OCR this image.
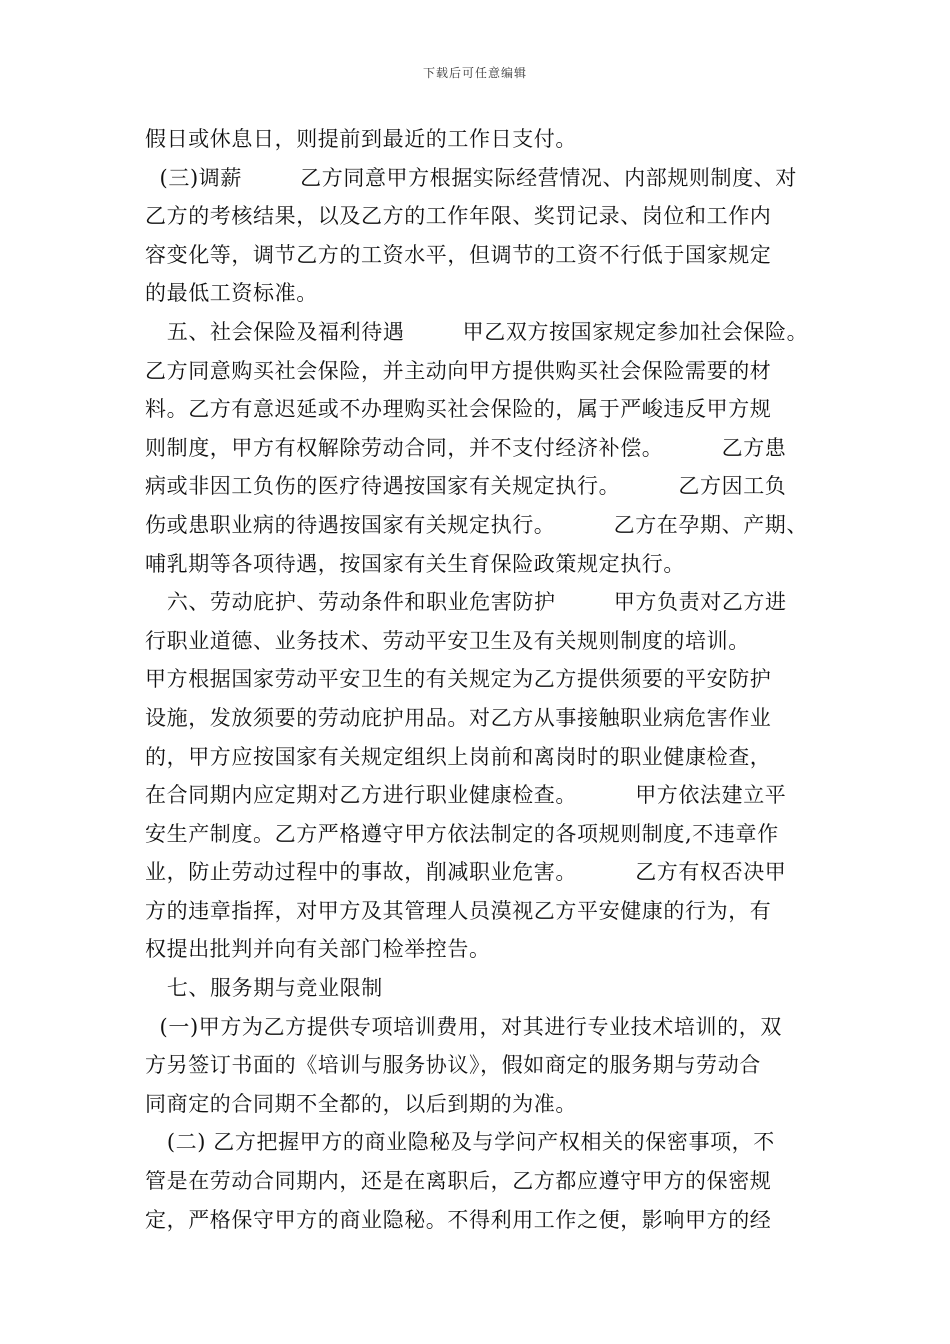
下载后可任意编辑
假日或休息日，则提前到最近的工作日支付。
(三)调薪        乙方同意甲方根据实际经营情况、内部规则制度、对
乙方的考核结果，以及乙方的工作年限、奖罚记录、岗位和工作内
容变化等，调节乙方的工资水平，但调节的工资不行低于国家规定
的最低工资标准。
五、社会保险及福利待遇        甲乙双方按国家规定参加社会保险。
乙方同意购买社会保险，并主动向甲方提供购买社会保险需要的材
料。乙方有意迟延或不办理购买社会保险的，属于严峻违反甲方规
则制度，甲方有权解除劳动合同，并不支付经济补偿。        乙方患
病或非因工负伤的医疗待遇按国家有关规定执行。        乙方因工负
伤或患职业病的待遇按国家有关规定执行。        乙方在孕期、产期、
哺乳期等各项待遇，按国家有关生育保险政策规定执行。
六、劳动庇护、劳动条件和职业危害防护        甲方负责对乙方进
行职业道德、业务技术、劳动平安卫生及有关规则制度的培训。
甲方根据国家劳动平安卫生的有关规定为乙方提供须要的平安防护
设施，发放须要的劳动庇护用品。对乙方从事接触职业病危害作业
的，甲方应按国家有关规定组织上岗前和离岗时的职业健康检查，
在合同期内应定期对乙方进行职业健康检查。        甲方依法建立平
安生产制度。乙方严格遵守甲方依法制定的各项规则制度,不违章作
业，防止劳动过程中的事故，削减职业危害。        乙方有权否决甲
方的违章指挥，对甲方及其管理人员漠视乙方平安健康的行为，有
权提出批判并向有关部门检举控告。
七、服务期与竞业限制
(一)甲方为乙方提供专项培训费用，对其进行专业技术培训的，双
方另签订书面的《培训与服务协议》，假如商定的服务期与劳动合
同商定的合同期不全都的，以后到期的为准。
(二) 乙方把握甲方的商业隐秘及与学问产权相关的保密事项，不
管是在劳动合同期内，还是在离职后，乙方都应遵守甲方的保密规
定，严格保守甲方的商业隐秘。不得利用工作之便，影响甲方的经
